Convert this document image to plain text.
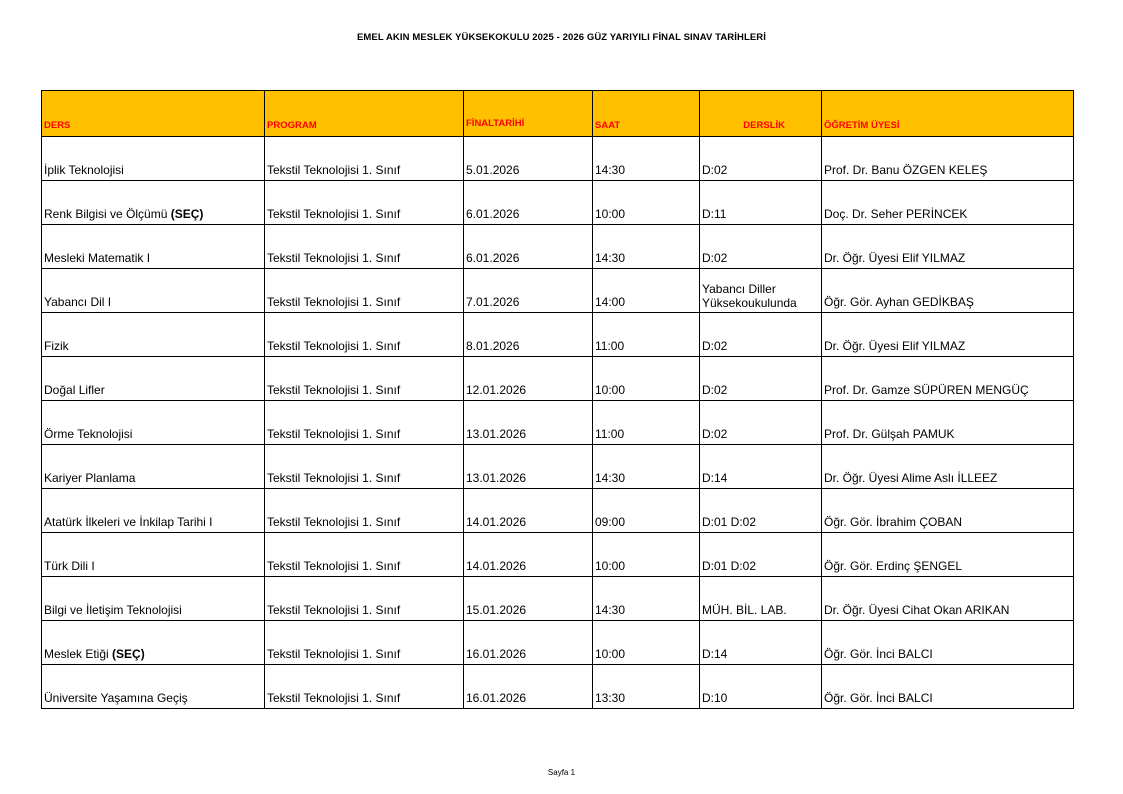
EMEL AKIN MESLEK YÜKSEKOKULU 2025 - 2026 GÜZ YARIYILI FİNAL SINAV TARİHLERİ
DERS	PROGRAM	FİNALTARİHİ	SAAT	DERSLİK	ÖĞRETİM ÜYESİ
İplik Teknolojisi	Tekstil Teknolojisi 1. Sınıf	5.01.2026	14:30	D:02	Prof. Dr. Banu ÖZGEN KELEŞ
Renk Bilgisi ve Ölçümü (SEÇ)	Tekstil Teknolojisi 1. Sınıf	6.01.2026	10:00	D:11	Doç. Dr. Seher PERİNCEK
Mesleki Matematik I	Tekstil Teknolojisi 1. Sınıf	6.01.2026	14:30	D:02	Dr. Öğr. Üyesi Elif YILMAZ
Yabancı Dil I	Tekstil Teknolojisi 1. Sınıf	7.01.2026	14:00	Yabancı Diller Yüksekoukulunda	Öğr. Gör. Ayhan GEDİKBAŞ
Fizik	Tekstil Teknolojisi 1. Sınıf	8.01.2026	11:00	D:02	Dr. Öğr. Üyesi Elif YILMAZ
Doğal Lifler	Tekstil Teknolojisi 1. Sınıf	12.01.2026	10:00	D:02	Prof. Dr. Gamze SÜPÜREN MENGÜÇ
Örme Teknolojisi	Tekstil Teknolojisi 1. Sınıf	13.01.2026	11:00	D:02	Prof. Dr. Gülşah PAMUK
Kariyer Planlama	Tekstil Teknolojisi 1. Sınıf	13.01.2026	14:30	D:14	Dr. Öğr. Üyesi Alime Aslı İLLEEZ
Atatürk İlkeleri ve İnkilap Tarihi I	Tekstil Teknolojisi 1. Sınıf	14.01.2026	09:00	D:01 D:02	Öğr. Gör. İbrahim ÇOBAN
Türk Dili I	Tekstil Teknolojisi 1. Sınıf	14.01.2026	10:00	D:01 D:02	Öğr. Gör. Erdinç ŞENGEL
Bilgi ve İletişim Teknolojisi	Tekstil Teknolojisi 1. Sınıf	15.01.2026	14:30	MÜH. BİL. LAB.	Dr. Öğr. Üyesi Cihat Okan ARIKAN
Meslek Etiği (SEÇ)	Tekstil Teknolojisi 1. Sınıf	16.01.2026	10:00	D:14	Öğr. Gör. İnci BALCI
Üniversite Yaşamına Geçiş	Tekstil Teknolojisi 1. Sınıf	16.01.2026	13:30	D:10	Öğr. Gör. İnci BALCI
Sayfa 1
